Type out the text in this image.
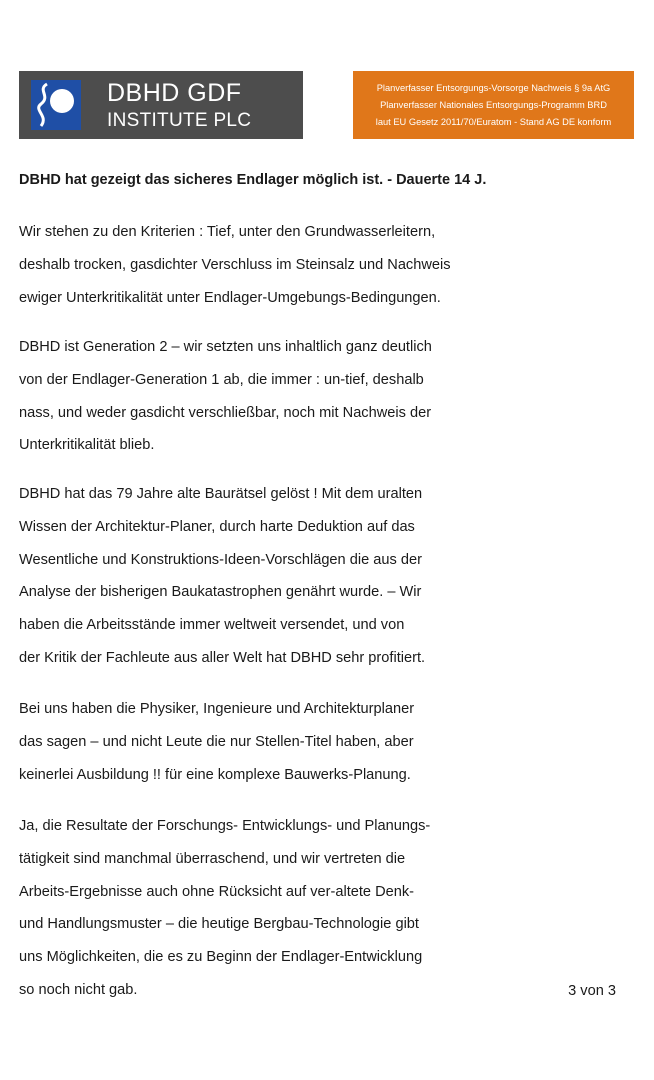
DBHD GDF
INSTITUTE PLC
Planverfasser Entsorgungs-Vorsorge Nachweis § 9a AtG
Planverfasser Nationales Entsorgungs-Programm BRD
laut EU Gesetz 2011/70/Euratom - Stand AG DE konform
DBHD hat gezeigt das sicheres Endlager möglich ist. - Dauerte 14 J.
Wir stehen zu den Kriterien : Tief, unter den Grundwasserleitern,
deshalb trocken, gasdichter Verschluss im Steinsalz und Nachweis
ewiger Unterkritikalität unter Endlager-Umgebungs-Bedingungen.
DBHD ist Generation 2 – wir setzten uns inhaltlich ganz deutlich
von der Endlager-Generation 1 ab, die immer : un-tief, deshalb
nass, und weder gasdicht verschließbar, noch mit Nachweis der
Unterkritikalität blieb.
DBHD hat das 79 Jahre alte Baurätsel gelöst ! Mit dem uralten
Wissen der Architektur-Planer, durch harte Deduktion auf das
Wesentliche und Konstruktions-Ideen-Vorschlägen die aus der
Analyse der bisherigen Baukatastrophen genährt wurde. – Wir
haben die Arbeitsstände immer weltweit versendet, und von
der Kritik der Fachleute aus aller Welt hat DBHD sehr profitiert.
Bei uns haben die Physiker, Ingenieure und Architekturplaner
das sagen – und nicht Leute die nur Stellen-Titel haben, aber
keinerlei Ausbildung !! für eine komplexe Bauwerks-Planung.
Ja, die Resultate der Forschungs- Entwicklungs- und Planungs-
tätigkeit sind manchmal überraschend, und wir vertreten die
Arbeits-Ergebnisse auch ohne Rücksicht auf ver-altete Denk-
und Handlungsmuster – die heutige Bergbau-Technologie gibt
uns Möglichkeiten, die es zu Beginn der Endlager-Entwicklung
so noch nicht gab.	3 von 3
